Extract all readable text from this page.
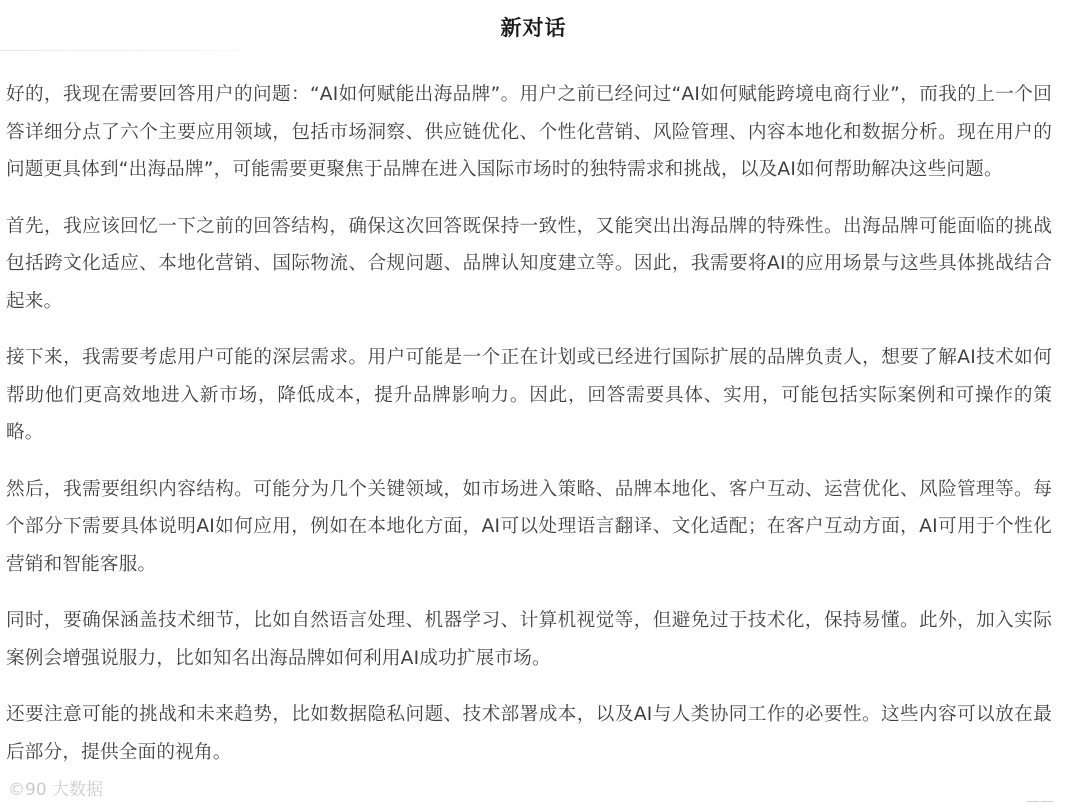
新对话

好的，我现在需要回答用户的问题：“AI如何赋能出海品牌”。用户之前已经问过“AI如何赋能跨境电商行业”，而我的上一个回答详细分点了六个主要应用领域，包括市场洞察、供应链优化、个性化营销、风险管理、内容本地化和数据分析。现在用户的问题更具体到“出海品牌”，可能需要更聚焦于品牌在进入国际市场时的独特需求和挑战，以及AI如何帮助解决这些问题。

首先，我应该回忆一下之前的回答结构，确保这次回答既保持一致性，又能突出出海品牌的特殊性。出海品牌可能面临的挑战包括跨文化适应、本地化营销、国际物流、合规问题、品牌认知度建立等。因此，我需要将AI的应用场景与这些具体挑战结合起来。

接下来，我需要考虑用户可能的深层需求。用户可能是一个正在计划或已经进行国际扩展的品牌负责人，想要了解AI技术如何帮助他们更高效地进入新市场，降低成本，提升品牌影响力。因此，回答需要具体、实用，可能包括实际案例和可操作的策略。

然后，我需要组织内容结构。可能分为几个关键领域，如市场进入策略、品牌本地化、客户互动、运营优化、风险管理等。每个部分下需要具体说明AI如何应用，例如在本地化方面，AI可以处理语言翻译、文化适配；在客户互动方面，AI可用于个性化营销和智能客服。

同时，要确保涵盖技术细节，比如自然语言处理、机器学习、计算机视觉等，但避免过于技术化，保持易懂。此外，加入实际案例会增强说服力，比如知名出海品牌如何利用AI成功扩展市场。

还要注意可能的挑战和未来趋势，比如数据隐私问题、技术部署成本，以及AI与人类协同工作的必要性。这些内容可以放在最后部分，提供全面的视角。

©90 大数据
